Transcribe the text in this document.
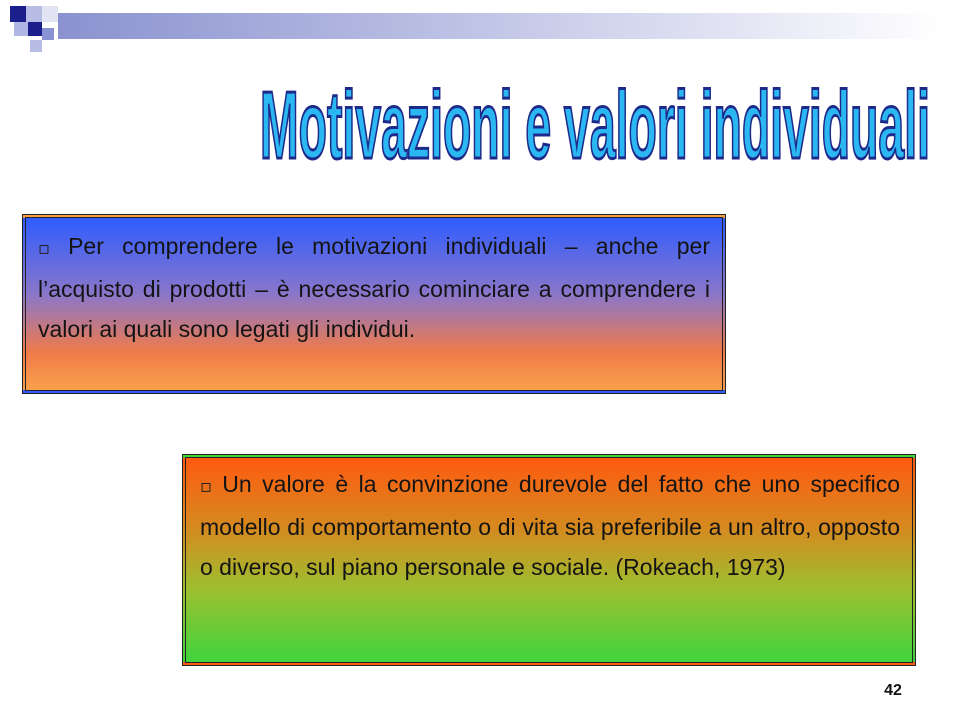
Motivazioni e valori individuali
▫ Per comprendere le motivazioni individuali – anche per l’acquisto di prodotti – è necessario cominciare a comprendere i valori ai quali sono legati gli individui.
▫ Un valore è la convinzione durevole del fatto che uno specifico modello di comportamento o di vita sia preferibile a un altro, opposto o diverso, sul piano personale e sociale. (Rokeach, 1973)
42
